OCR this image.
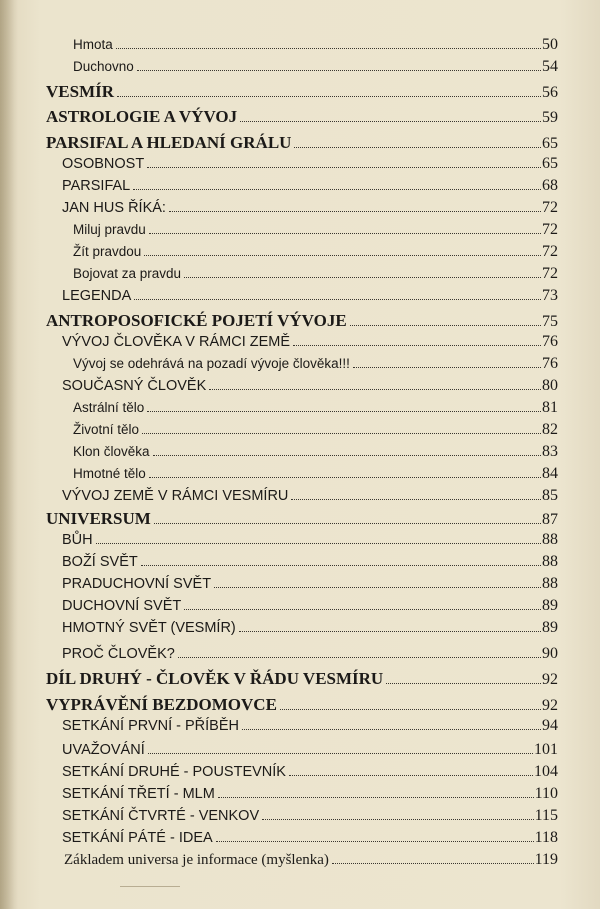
Hmota	50
Duchovno	54
VESMÍR	56
ASTROLOGIE A VÝVOJ	59
PARSIFAL A HLEDANÍ GRÁLU	65
OSOBNOST	65
PARSIFAL	68
JAN HUS ŘÍKÁ:	72
Miluj pravdu	72
Žít pravdou	72
Bojovat za pravdu	72
LEGENDA	73
ANTROPOSOFICKÉ POJETÍ VÝVOJE	75
VÝVOJ ČLOVĚKA V RÁMCI ZEMĚ	76
Vývoj se odehrává na pozadí vývoje člověka!!!	76
SOUČASNÝ ČLOVĚK	80
Astrální tělo	81
Životní tělo	82
Klon člověka	83
Hmotné tělo	84
VÝVOJ ZEMĚ V RÁMCI VESMÍRU	85
UNIVERSUM	87
BŮH	88
BOŽÍ SVĚT	88
PRADUCHOVNÍ SVĚT	88
DUCHOVNÍ SVĚT	89
HMOTNÝ SVĚT (VESMÍR)	89
PROČ ČLOVĚK?	90
DÍL DRUHÝ - ČLOVĚK V ŘÁDU VESMÍRU	92
VYPRÁVĚNÍ BEZDOMOVCE	92
SETKÁNÍ PRVNÍ - PŘÍBĚH	94
UVAŽOVÁNÍ	101
SETKÁNÍ DRUHÉ - POUSTEVNÍK	104
SETKÁNÍ TŘETÍ - MLM	110
SETKÁNÍ ČTVRTÉ - VENKOV	115
SETKÁNÍ PÁTÉ - IDEA	118
Základem universa je informace (myšlenka)	119
